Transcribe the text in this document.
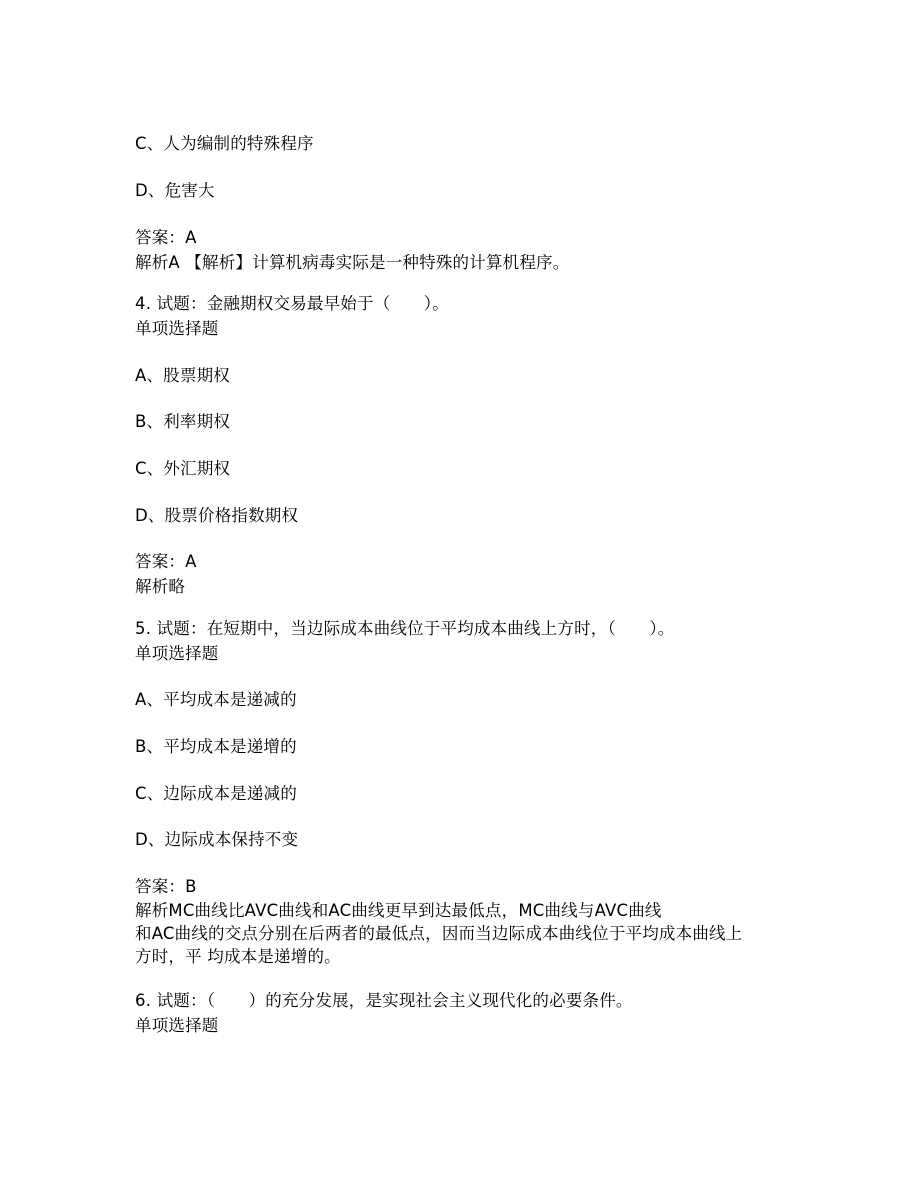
C、人为编制的特殊程序
D、危害大
答案：A
解析A 【解析】计算机病毒实际是一种特殊的计算机程序。
4. 试题：金融期权交易最早始于（　　）。
单项选择题
A、股票期权
B、利率期权
C、外汇期权
D、股票价格指数期权
答案：A
解析略
5. 试题：在短期中，当边际成本曲线位于平均成本曲线上方时，（　　）。
单项选择题
A、平均成本是递减的
B、平均成本是递增的
C、边际成本是递减的
D、边际成本保持不变
答案：B
解析MC曲线比AVC曲线和AC曲线更早到达最低点，MC曲线与AVC曲线
和AC曲线的交点分别在后两者的最低点，因而当边际成本曲线位于平均成本曲线上
方时，平 均成本是递增的。
6. 试题：（　　）的充分发展，是实现社会主义现代化的必要条件。
单项选择题
